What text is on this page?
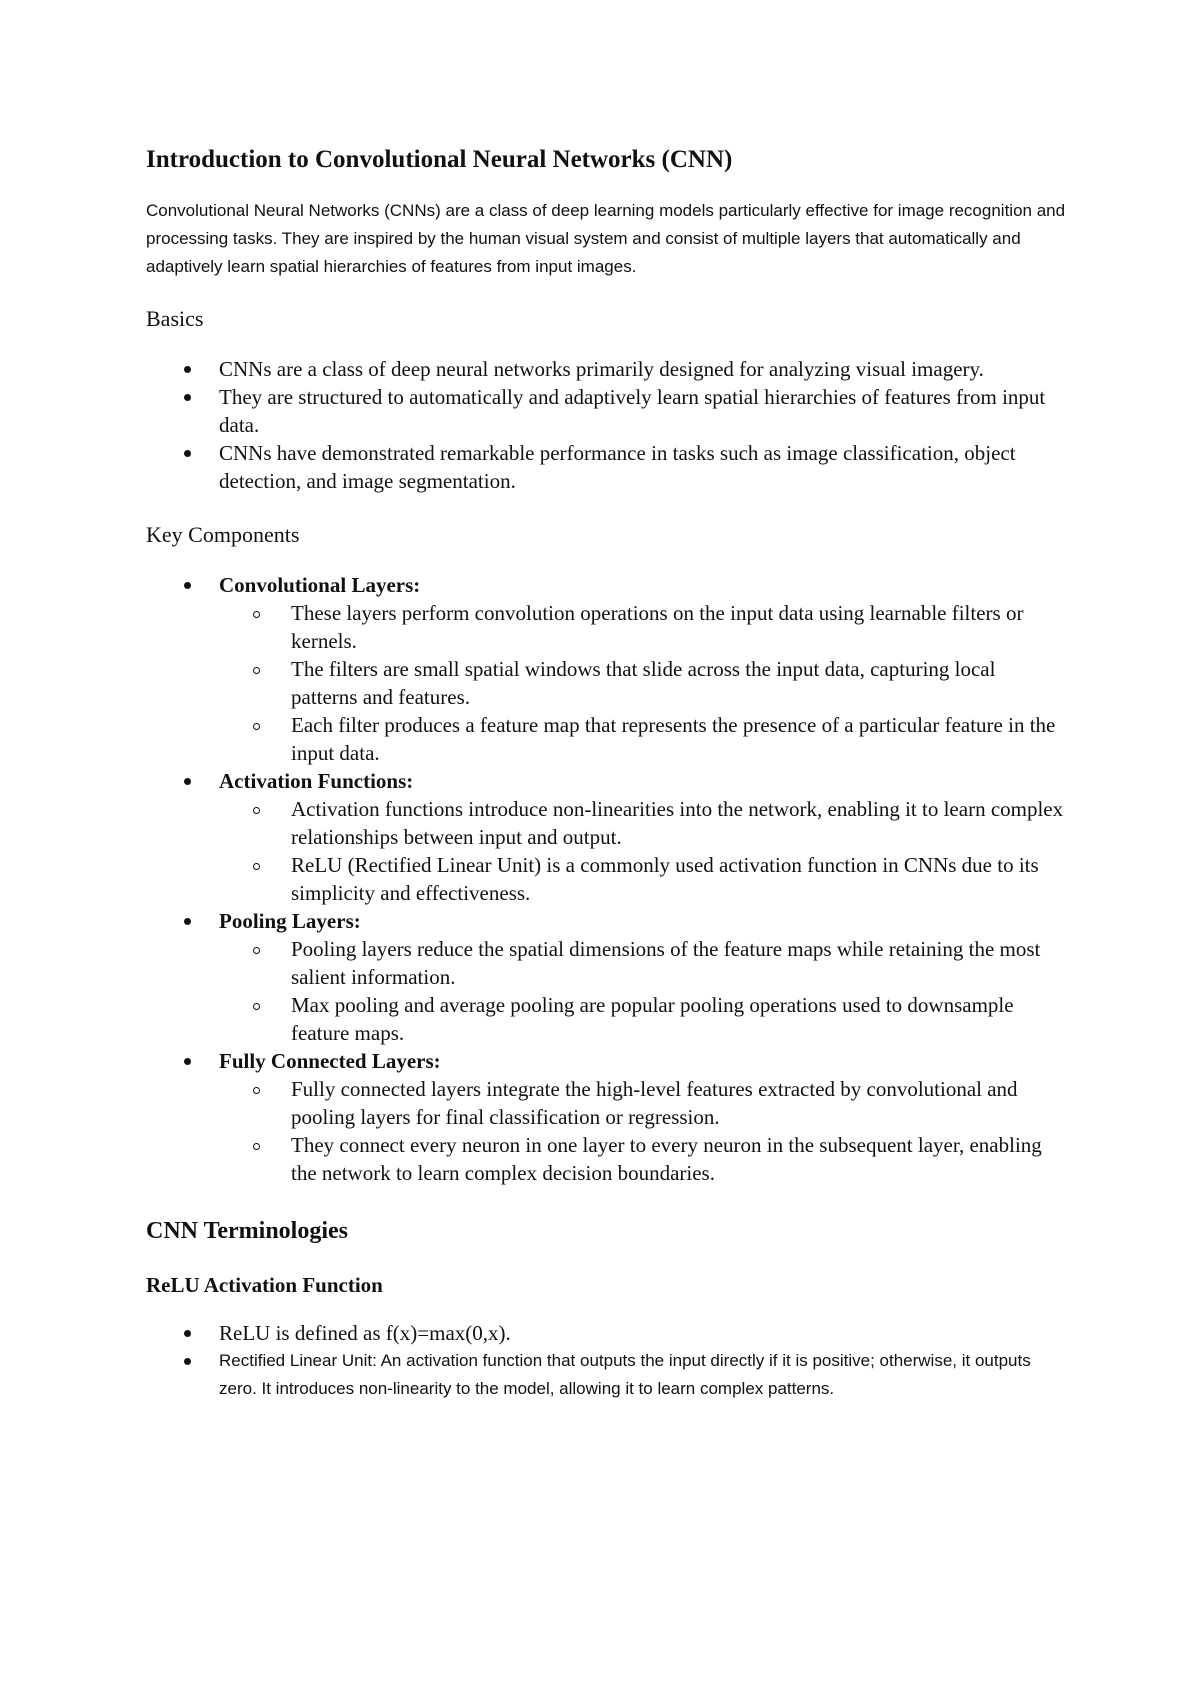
Introduction to Convolutional Neural Networks (CNN)

Convolutional Neural Networks (CNNs) are a class of deep learning models particularly effective for image recognition and processing tasks. They are inspired by the human visual system and consist of multiple layers that automatically and adaptively learn spatial hierarchies of features from input images.

Basics
CNNs are a class of deep neural networks primarily designed for analyzing visual imagery.
They are structured to automatically and adaptively learn spatial hierarchies of features from input data.
CNNs have demonstrated remarkable performance in tasks such as image classification, object detection, and image segmentation.
Key Components
Convolutional Layers:
These layers perform convolution operations on the input data using learnable filters or kernels.
The filters are small spatial windows that slide across the input data, capturing local patterns and features.
Each filter produces a feature map that represents the presence of a particular feature in the input data.
Activation Functions:
Activation functions introduce non-linearities into the network, enabling it to learn complex relationships between input and output.
ReLU (Rectified Linear Unit) is a commonly used activation function in CNNs due to its simplicity and effectiveness.
Pooling Layers:
Pooling layers reduce the spatial dimensions of the feature maps while retaining the most salient information.
Max pooling and average pooling are popular pooling operations used to downsample feature maps.
Fully Connected Layers:
Fully connected layers integrate the high-level features extracted by convolutional and pooling layers for final classification or regression.
They connect every neuron in one layer to every neuron in the subsequent layer, enabling the network to learn complex decision boundaries.
CNN Terminologies
ReLU Activation Function
ReLU is defined as f(x)=max(0,x).
Rectified Linear Unit: An activation function that outputs the input directly if it is positive; otherwise, it outputs zero. It introduces non-linearity to the model, allowing it to learn complex patterns.
